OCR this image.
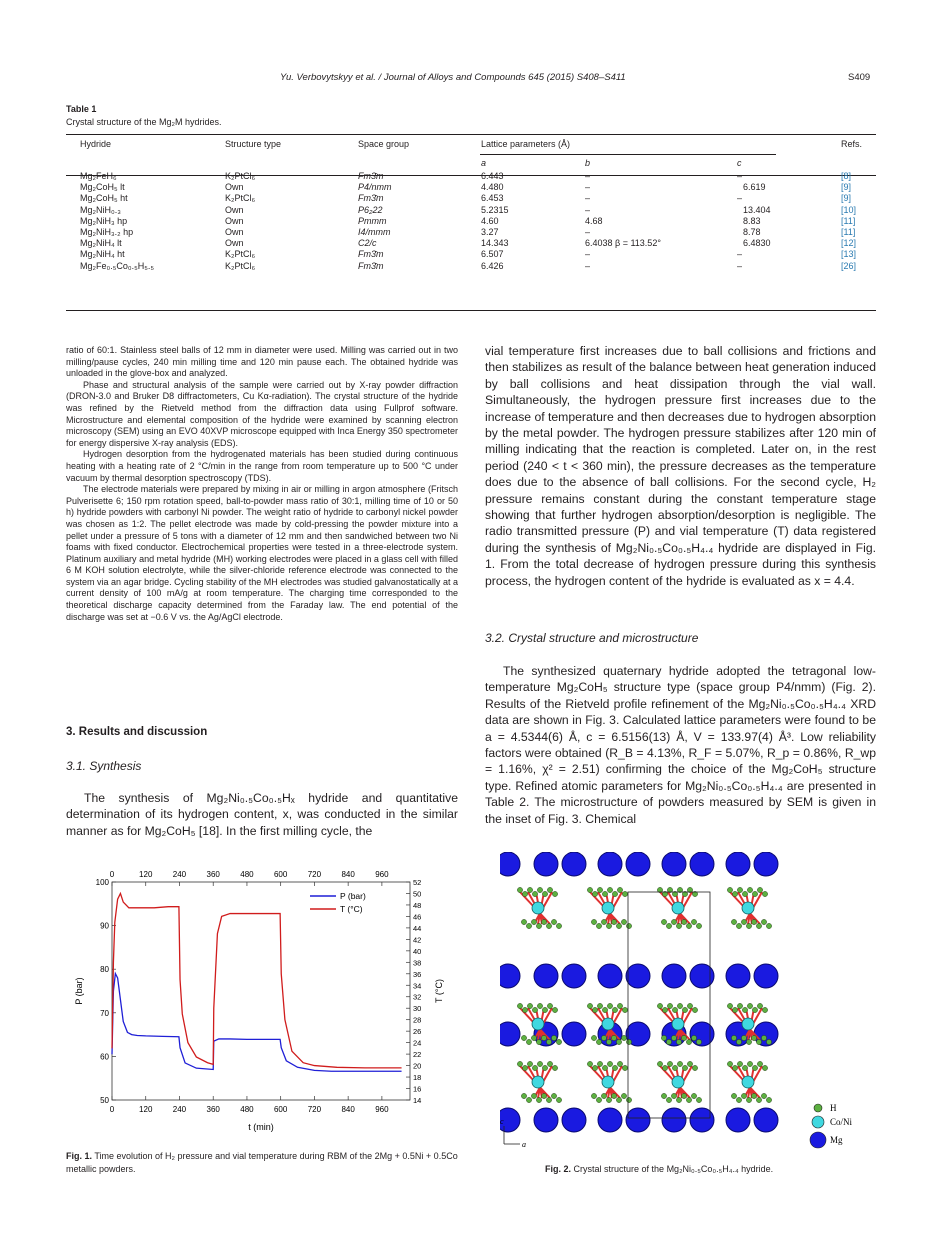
Yu. Verbovytskyy et al. / Journal of Alloys and Compounds 645 (2015) S408–S411	S409
Table 1
Crystal structure of the Mg₂M hydrides.
Hydride	Structure type	Space group	Lattice parameters (Å)			Refs.
			a	b	c	
Mg₂FeH₆	K₂PtCl₆	Fm3̄m	6.443	–	–	[8]
Mg₂CoH₅ lt	Own	P4/nmm	4.480	–	6.619	[9]
Mg₂CoH₅ ht	K₂PtCl₆	Fm3̄m	6.453	–	–	[9]
Mg₂NiH₀.₃	Own	P6₂22	5.2315	–	13.404	[10]
Mg₂NiH₃ hp	Own	Pmmm	4.60	4.68	8.83	[11]
Mg₂NiH₃.₂ hp	Own	I4/mmm	3.27	–	8.78	[11]
Mg₂NiH₄ lt	Own	C2/c	14.343	6.4038 β = 113.52°	6.4830	[12]
Mg₂NiH₄ ht	K₂PtCl₆	Fm3̄m	6.507	–	–	[13]
Mg₂Fe₀.₅Co₀.₅H₅.₅	K₂PtCl₆	Fm3̄m	6.426	–	–	[26]

ratio of 60:1. Stainless steel balls of 12 mm in diameter were used. Milling was carried out in two milling/pause cycles, 240 min milling time and 120 min pause each. The obtained hydride was unloaded in the glove-box and analyzed.

Phase and structural analysis of the sample were carried out by X-ray powder diffraction (DRON-3.0 and Bruker D8 diffractometers, Cu Kα-radiation). The crystal structure of the hydride was refined by the Rietveld method from the diffraction data using Fullprof software. Microstructure and elemental composition of the hydride were examined by scanning electron microscopy (SEM) using an EVO 40XVP microscope equipped with Inca Energy 350 spectrometer for energy dispersive X-ray analysis (EDS).

Hydrogen desorption from the hydrogenated materials has been studied during continuous heating with a heating rate of 2 °C/min in the range from room temperature up to 500 °C under vacuum by thermal desorption spectroscopy (TDS).

The electrode materials were prepared by mixing in air or milling in argon atmosphere (Fritsch Pulverisette 6; 150 rpm rotation speed, ball-to-powder mass ratio of 30:1, milling time of 10 or 50 h) hydride powders with carbonyl Ni powder. The weight ratio of hydride to carbonyl nickel powder was chosen as 1:2. The pellet electrode was made by cold-pressing the powder mixture into a pellet under a pressure of 5 tons with a diameter of 12 mm and then sandwiched between two Ni foams with fixed conductor. Electrochemical properties were tested in a three-electrode system. Platinum auxiliary and metal hydride (MH) working electrodes were placed in a glass cell with filled 6 M KOH solution electrolyte, while the silver-chloride reference electrode was connected to the system via an agar bridge. Cycling stability of the MH electrodes was studied galvanostatically at a current density of 100 mA/g at room temperature. The charging time corresponded to the theoretical discharge capacity determined from the Faraday law. The end potential of the discharge was set at −0.6 V vs. the Ag/AgCl electrode.

3. Results and discussion
3.1. Synthesis
The synthesis of Mg₂Ni₀.₅Co₀.₅Hₓ hydride and quantitative determination of its hydrogen content, x, was conducted in the similar manner as for Mg₂CoH₅ [18]. In the first milling cycle, the

vial temperature first increases due to ball collisions and frictions and then stabilizes as result of the balance between heat generation induced by ball collisions and heat dissipation through the vial wall. Simultaneously, the hydrogen pressure first increases due to the increase of temperature and then decreases due to hydrogen absorption by the metal powder. The hydrogen pressure stabilizes after 120 min of milling indicating that the reaction is completed. Later on, in the rest period (240 < t < 360 min), the pressure decreases as the temperature does due to the absence of ball collisions. For the second cycle, H₂ pressure remains constant during the constant temperature stage showing that further hydrogen absorption/desorption is negligible. The radio transmitted pressure (P) and vial temperature (T) data registered during the synthesis of Mg₂Ni₀.₅Co₀.₅H₄.₄ hydride are displayed in Fig. 1. From the total decrease of hydrogen pressure during this synthesis process, the hydrogen content of the hydride is evaluated as x = 4.4.

3.2. Crystal structure and microstructure

The synthesized quaternary hydride adopted the tetragonal low-temperature Mg₂CoH₅ structure type (space group P4/nmm) (Fig. 2). Results of the Rietveld profile refinement of the Mg₂Ni₀.₅Co₀.₅H₄.₄ XRD data are shown in Fig. 3. Calculated lattice parameters were found to be a = 4.5344(6) Å, c = 6.5156(13) Å, V = 133.97(4) Å³. Low reliability factors were obtained (R_B = 4.13%, R_F = 5.07%, R_p = 0.86%, R_wp = 1.16%, χ² = 2.51) confirming the choice of the Mg₂CoH₅ structure type. Refined atomic parameters for Mg₂Ni₀.₅Co₀.₅H₄.₄ are presented in Table 2. The microstructure of powders measured by SEM is given in the inset of Fig. 3. Chemical

0
0
120
120
240
240
360
360
480
480
600
600
720
720
840
840
960
960
50
60
70
80
90
100
14
16
18
20
22
24
26
28
30
32
34
36
38
40
42
44
46
48
50
52
P (bar)
T (°C)
t (min)
P (bar)	T (°C)
Fig. 1. Time evolution of H₂ pressure and vial temperature during RBM of the 2Mg + 0.5Ni + 0.5Co metallic powders.
H
Co/Ni
Mg
c
a
Fig. 2. Crystal structure of the Mg₂Ni₀.₅Co₀.₅H₄.₄ hydride.
